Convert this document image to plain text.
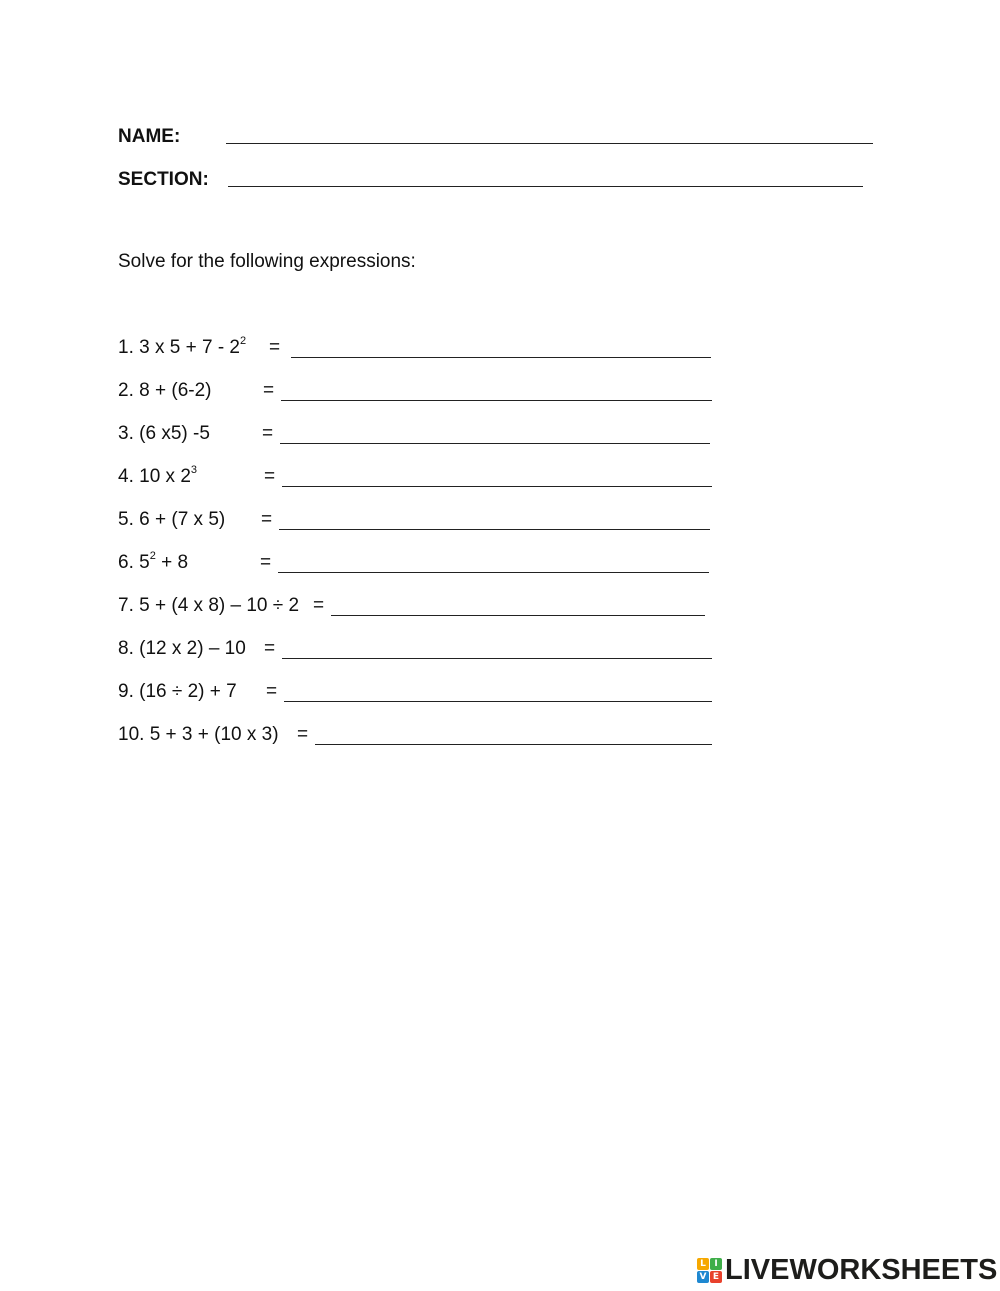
NAME:
SECTION:
Solve for the following expressions:
1. 3 x $5 + 7 - 2^2$ =
2. 8 + (6-2)	=
3. (6 x5) -5	=
4. 10 x $2^3$	=
5. 6 + (7 x 5) =
6. $5^2 + 8$	=
7. 5 + (4 x 8) – 10 ÷ 2 =
8. (12 x 2) – 10 =
9. (16 ÷ 2) + 7 =
10. 5 + 3 + (10 x 3) =
L I
V E LIVEWORKSHEETS
